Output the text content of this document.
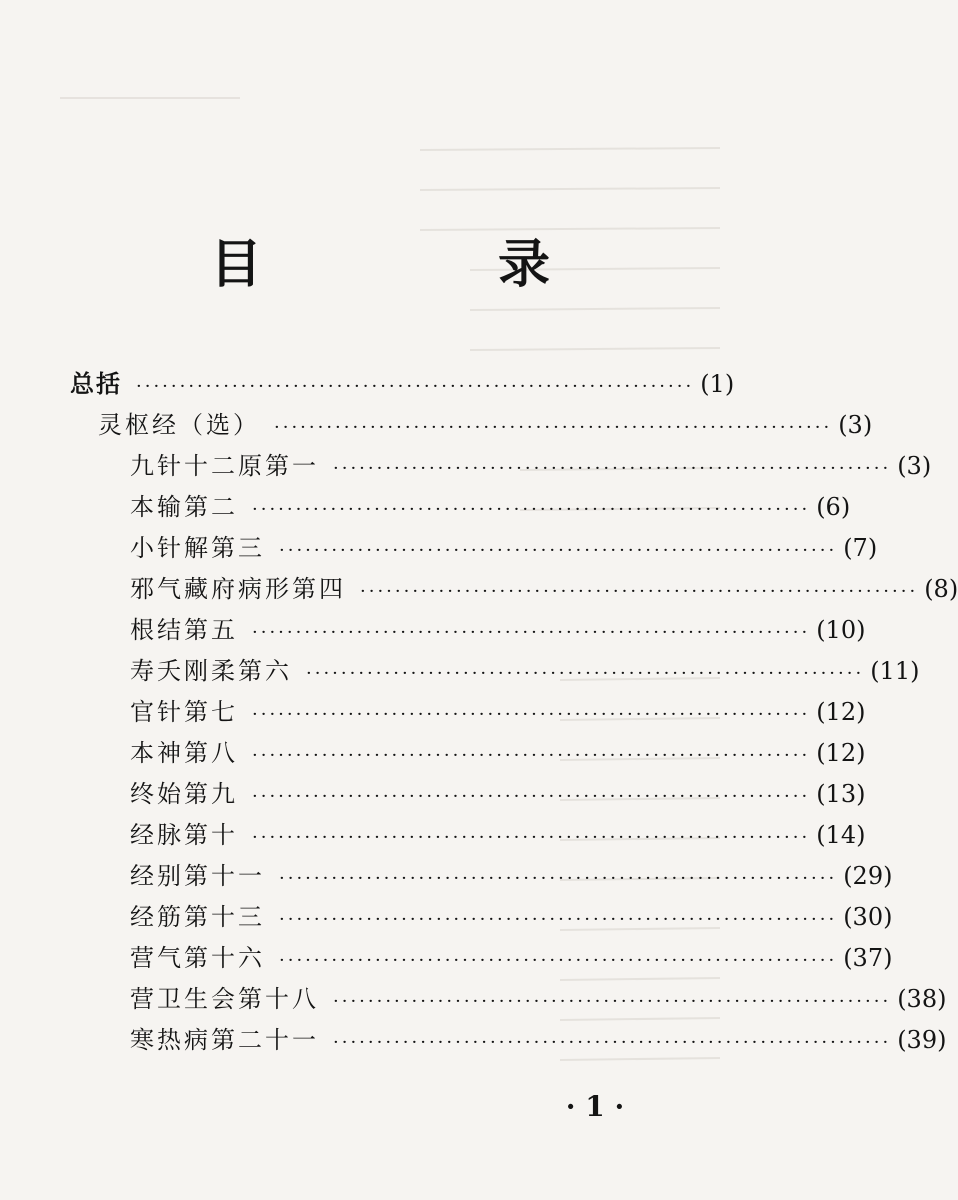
目	录
总括 ································································ (1)
灵枢经（选） ································································ (3)
九针十二原第一 ································································ (3)
本输第二 ································································ (6)
小针解第三 ································································ (7)
邪气藏府病形第四 ································································ (8)
根结第五 ································································ (10)
寿夭刚柔第六 ································································ (11)
官针第七 ································································ (12)
本神第八 ································································ (12)
终始第九 ································································ (13)
经脉第十 ································································ (14)
经别第十一 ································································ (29)
经筋第十三 ································································ (30)
营气第十六 ································································ (37)
营卫生会第十八 ································································ (38)
寒热病第二十一 ································································ (39)
· 1 ·
